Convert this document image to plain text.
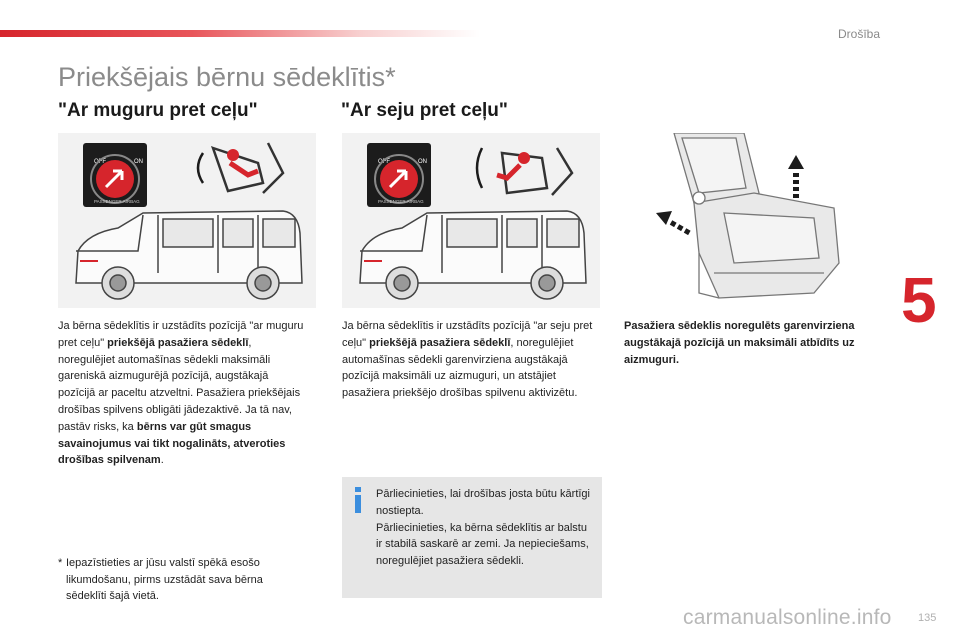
Drošība
5
Priekšējais bērnu sēdeklītis*
"Ar muguru pret ceļu"	"Ar seju pret ceļu"
OFF	ON
PASSENGER AIRBAG
OFF	ON
PASSENGER AIRBAG
Ja bērna sēdeklītis ir uzstādīts pozīcijā "ar muguru pret ceļu" priekšējā pasažiera sēdeklī, noregulējiet automašīnas sēdekli maksimāli gareniskā aizmugurējā pozīcijā, augstākajā pozīcijā ar paceltu atzveltni. Pasažiera priekšējais drošības spilvens obligāti jādezaktivē. Ja tā nav, pastāv risks, ka bērns var gūt smagus savainojumus vai tikt nogalināts, atveroties drošības spilvenam.
Ja bērna sēdeklītis ir uzstādīts pozīcijā "ar seju pret ceļu" priekšējā pasažiera sēdeklī, noregulējiet automašīnas sēdekli garenvirziena augstākajā pozīcijā maksimāli uz aizmuguri, un atstājiet pasažiera priekšējo drošības spilvenu aktivizētu.
Pasažiera sēdeklis noregulēts garenvirziena augstākajā pozīcijā un maksimāli atbīdīts uz aizmuguri.
Pārliecinieties, lai drošības josta būtu kārtīgi nostiepta.
Pārliecinieties, ka bērna sēdeklītis ar balstu ir stabilā saskarē ar zemi. Ja nepieciešams, noregulējiet pasažiera sēdekli.
* Iepazīstieties ar jūsu valstī spēkā esošo likumdošanu, pirms uzstādāt sava bērna sēdeklīti šajā vietā.
carmanualsonline.info 135
